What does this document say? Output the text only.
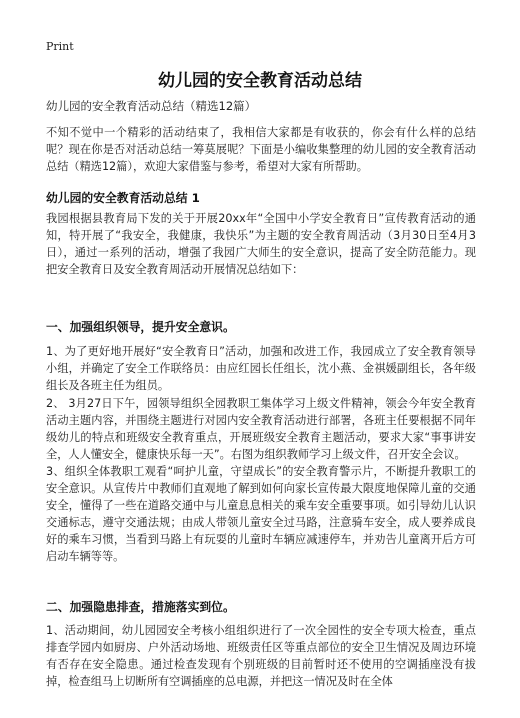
Print
幼儿园的安全教育活动总结
幼儿园的安全教育活动总结（精选12篇）
不知不觉中一个精彩的活动结束了，我相信大家都是有收获的，你会有什么样的总结呢？现在你是否对活动总结一筹莫展呢？下面是小编收集整理的幼儿园的安全教育活动总结（精选12篇），欢迎大家借鉴与参考，希望对大家有所帮助。
幼儿园的安全教育活动总结 1
我园根据县教育局下发的关于开展20xx年“全国中小学安全教育日”宣传教育活动的通知，特开展了“我安全，我健康，我快乐”为主题的安全教育周活动（3月30日至4月3日），通过一系列的活动，增强了我园广大师生的安全意识，提高了安全防范能力。现把安全教育日及安全教育周活动开展情况总结如下：
一、加强组织领导，提升安全意识。
1、为了更好地开展好“安全教育日”活动，加强和改进工作，我园成立了安全教育领导小组，并确定了安全工作联络员：由应红园长任组长，沈小燕、金祺媛副组长，各年级组长及各班主任为组员。
2、 3月27日下午，园领导组织全园教职工集体学习上级文件精神，领会今年安全教育活动主题内容，并围绕主题进行对园内安全教育活动进行部署，各班主任要根据不同年级幼儿的特点和班级安全教育重点，开展班级安全教育主题活动，要求大家“事事讲安全，人人懂安全，健康快乐每一天”。右图为组织教师学习上级文件，召开安全会议。
3、组织全体教职工观看“呵护儿童，守望成长”的安全教育警示片，不断提升教职工的安全意识。从宣传片中教师们直观地了解到如何向家长宣传最大限度地保障儿童的交通安全，懂得了一些在道路交通中与儿童息息相关的乘车安全重要事项。如引导幼儿认识交通标志，遵守交通法规；由成人带领儿童安全过马路，注意骑车安全，成人要养成良好的乘车习惯，当看到马路上有玩耍的儿童时车辆应减速停车，并劝告儿童离开后方可启动车辆等等。
二、加强隐患排查，措施落实到位。
1、活动期间，幼儿园园安全考核小组组织进行了一次全园性的安全专项大检查，重点排查学园内如厨房、户外活动场地、班级责任区等重点部位的安全卫生情况及周边环境有否存在安全隐患。通过检查发现有个别班级的目前暂时还不使用的空调插座没有拔掉，检查组马上切断所有空调插座的总电源，并把这一情况及时在全体
